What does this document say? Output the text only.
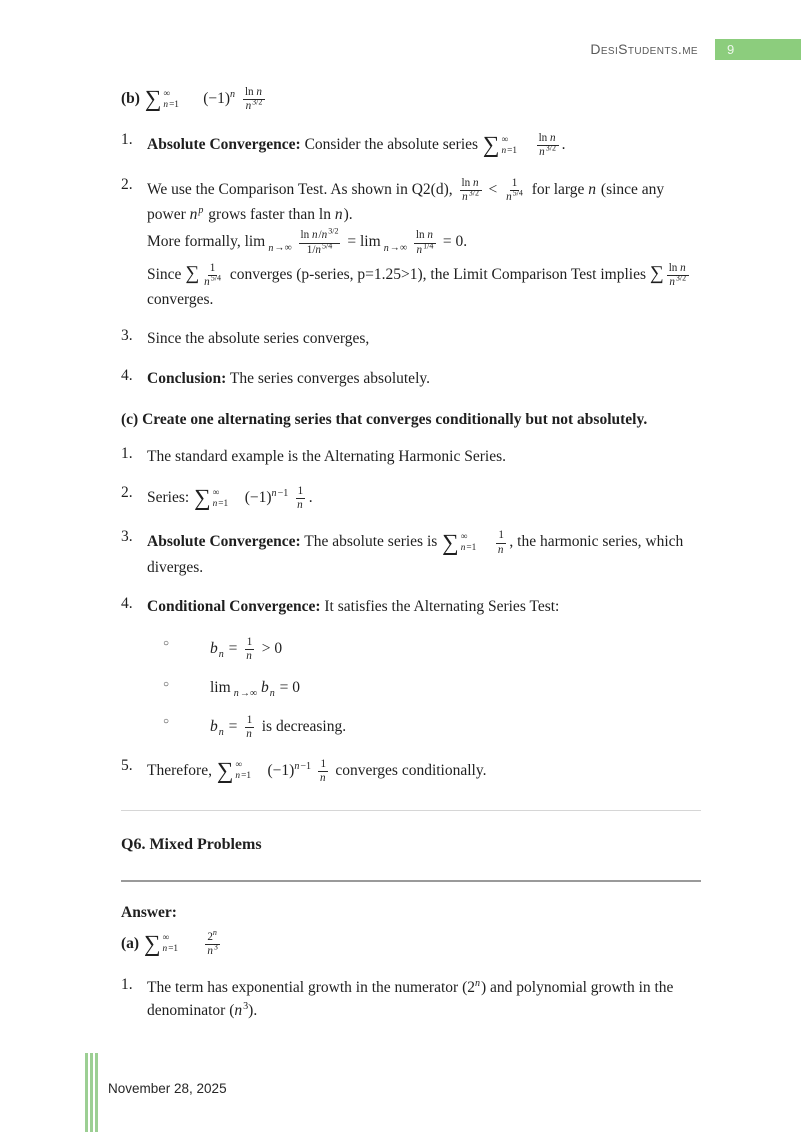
DesiStudents.me	9
(b) ∑ ∞
n=1
   $(-1)^n \frac{\text{ln n}}{n^{3/2}}$
1. Absolute Convergence: Consider the absolute series ∑ ∞
n=1
  $\frac{\text{ln n}}{n^{3/2}}$ .
2. We use the Comparison Test. As shown in Q2(d), $\frac{\text{ln n}}{n^{3/2}} < \frac{1}{n^{5/4}}$ for large n (since any power $n^p$ grows faster than ln n).
More formally, $\lim _{n\to\infty} \frac{\ln n/n^{3/2}}{1/n^{5/4}} = \lim _{n\to\infty} \frac{\text{ln n}}{n^{1/4}} = 0$.
Since ∑ $\frac{1}{n^{5/4}}$ converges (p-series, p=1.25>1), the Limit Comparison Test implies ∑ $\frac{\text{ln n}}{n^{3/2}}$
converges.
3. Since the absolute series converges,
4. Conclusion: The series converges absolutely.
(c) Create one alternating series that converges conditionally but not absolutely.
1. The standard example is the Alternating Harmonic Series.
2. Series: ∑ ∞
n=1
  $(-1)^{n-1} \frac{1}{n}$ .
3. Absolute Convergence: The absolute series is ∑ ∞
n=1
  $\frac{1}{n}$ , the harmonic series, which diverges.
4. Conditional Convergence: It satisfies the Alternating Series Test:
○	$b_n = \frac{1}{n} > 0$
○	lim $_{n\to\infty}$ $b_n = 0$
○	$b_n = \frac{1}{n}$ is decreasing.
5. Therefore, ∑ ∞
n=1
  $(-1)^{n-1} \frac{1}{n}$ converges conditionally.
Q6. Mixed Problems
Answer:
(a) ∑ ∞
n=1
   $\frac{2^n}{n^3}$
1. The term has exponential growth in the numerator (2$^n$) and polynomial growth in the denominator $(n^3)$.
November 28, 2025
